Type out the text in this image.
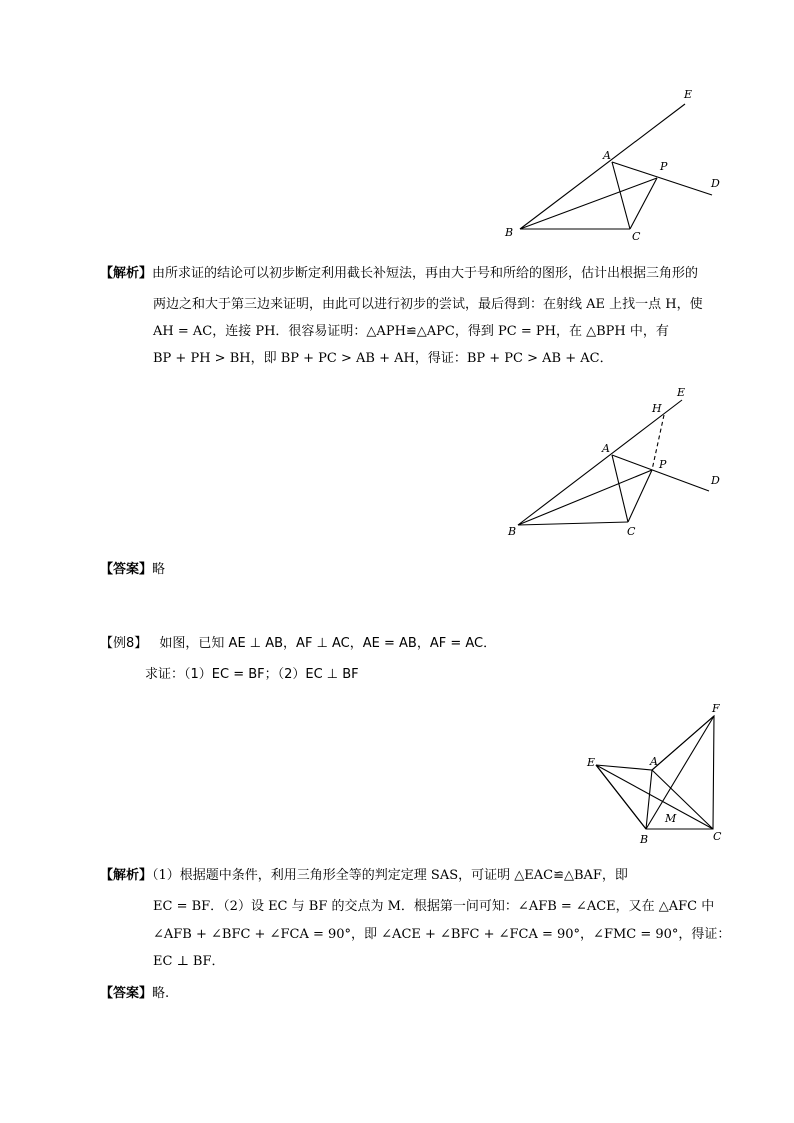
E
A
P
D
B	C
【解析】由所求证的结论可以初步断定利用截长补短法，再由大于号和所给的图形，估计出根据三角形的
两边之和大于第三边来证明，由此可以进行初步的尝试，最后得到：在射线 AE 上找一点 H，使
AH = AC，连接 PH．很容易证明：△APH≌△APC，得到 PC = PH，在 △BPH 中，有
BP + PH > BH，即 BP + PC > AB + AH，得证：BP + PC > AB + AC．
H
E
A
P
D
B	C
【答案】略
【例8】 如图，已知 AE ⊥ AB，AF ⊥ AC，AE = AB，AF = AC．
求证：（1）EC = BF；（2）EC ⊥ BF
F
E	A
M
B	C
【解析】（1）根据题中条件，利用三角形全等的判定定理 SAS，可证明 △EAC≌△BAF，即
EC = BF．（2）设 EC 与 BF 的交点为 M．根据第一问可知：∠AFB = ∠ACE，又在 △AFC 中
∠AFB + ∠BFC + ∠FCA = 90°，即 ∠ACE + ∠BFC + ∠FCA = 90°，∠FMC = 90°，得证：
EC ⊥ BF．
【答案】略.
